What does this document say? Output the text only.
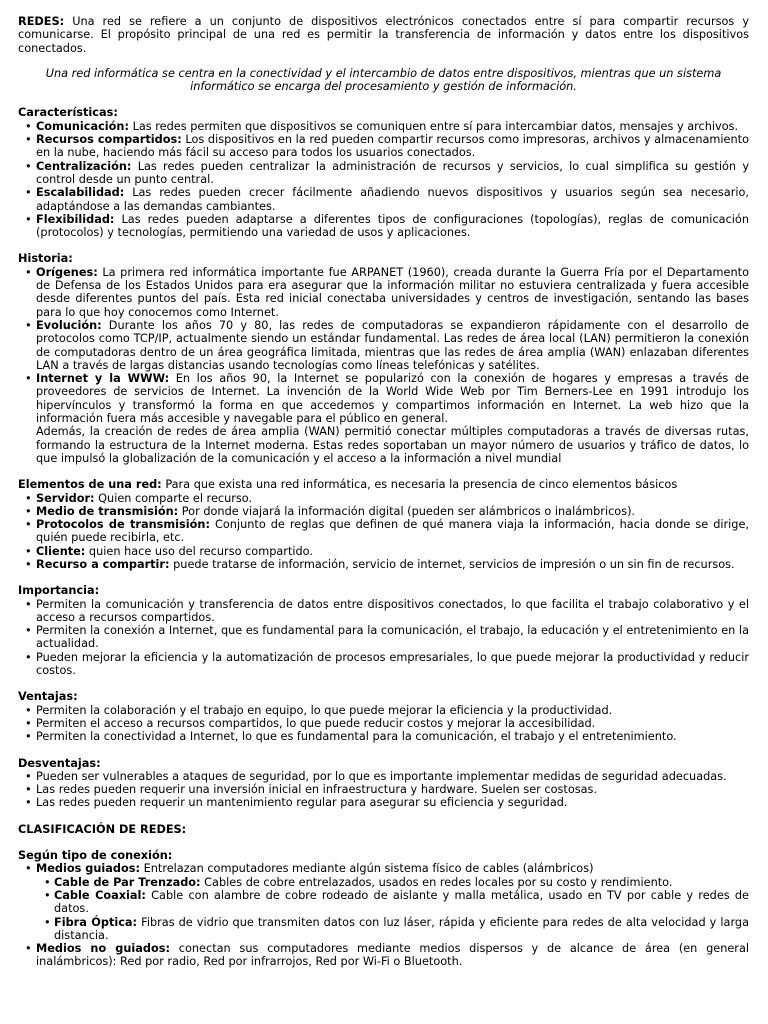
REDES: Una red se refiere a un conjunto de dispositivos electrónicos conectados entre sí para compartir recursos y comunicarse. El propósito principal de una red es permitir la transferencia de información y datos entre los dispositivos conectados.

Una red informática se centra en la conectividad y el intercambio de datos entre dispositivos, mientras que un sistema informático se encarga del procesamiento y gestión de información.

Características:
• Comunicación: Las redes permiten que dispositivos se comuniquen entre sí para intercambiar datos, mensajes y archivos.
• Recursos compartidos: Los dispositivos en la red pueden compartir recursos como impresoras, archivos y almacenamiento en la nube, haciendo más fácil su acceso para todos los usuarios conectados.
• Centralización: Las redes pueden centralizar la administración de recursos y servicios, lo cual simplifica su gestión y control desde un punto central.
• Escalabilidad: Las redes pueden crecer fácilmente añadiendo nuevos dispositivos y usuarios según sea necesario, adaptándose a las demandas cambiantes.
• Flexibilidad: Las redes pueden adaptarse a diferentes tipos de configuraciones (topologías), reglas de comunicación (protocolos) y tecnologías, permitiendo una variedad de usos y aplicaciones.
Historia:
• Orígenes: La primera red informática importante fue ARPANET (1960), creada durante la Guerra Fría por el Departamento de Defensa de los Estados Unidos para era asegurar que la información militar no estuviera centralizada y fuera accesible desde diferentes puntos del país. Esta red inicial conectaba universidades y centros de investigación, sentando las bases para lo que hoy conocemos como Internet.
• Evolución: Durante los años 70 y 80, las redes de computadoras se expandieron rápidamente con el desarrollo de protocolos como TCP/IP, actualmente siendo un estándar fundamental. Las redes de área local (LAN) permitieron la conexión de computadoras dentro de un área geográfica limitada, mientras que las redes de área amplia (WAN) enlazaban diferentes LAN a través de largas distancias usando tecnologías como líneas telefónicas y satélites.
• Internet y la WWW: En los años 90, la Internet se popularizó con la conexión de hogares y empresas a través de proveedores de servicios de Internet. La invención de la World Wide Web por Tim Berners-Lee en 1991 introdujo los hipervínculos y transformó la forma en que accedemos y compartimos información en Internet. La web hizo que la información fuera más accesible y navegable para el público en general.

Además, la creación de redes de área amplia (WAN) permitió conectar múltiples computadoras a través de diversas rutas, formando la estructura de la Internet moderna. Estas redes soportaban un mayor número de usuarios y tráfico de datos, lo que impulsó la globalización de la comunicación y el acceso a la información a nivel mundial

Elementos de una red: Para que exista una red informática, es necesaria la presencia de cinco elementos básicos
• Servidor: Quien comparte el recurso.
• Medio de transmisión: Por donde viajará la información digital (pueden ser alámbricos o inalámbricos).
• Protocolos de transmisión: Conjunto de reglas que definen de qué manera viaja la información, hacia donde se dirige, quién puede recibirla, etc.
• Cliente: quien hace uso del recurso compartido.
• Recurso a compartir: puede tratarse de información, servicio de internet, servicios de impresión o un sin fin de recursos.
Importancia:
• Permiten la comunicación y transferencia de datos entre dispositivos conectados, lo que facilita el trabajo colaborativo y el acceso a recursos compartidos.
• Permiten la conexión a Internet, que es fundamental para la comunicación, el trabajo, la educación y el entretenimiento en la actualidad.
• Pueden mejorar la eficiencia y la automatización de procesos empresariales, lo que puede mejorar la productividad y reducir costos.
Ventajas:
• Permiten la colaboración y el trabajo en equipo, lo que puede mejorar la eficiencia y la productividad.
• Permiten el acceso a recursos compartidos, lo que puede reducir costos y mejorar la accesibilidad.
• Permiten la conectividad a Internet, lo que es fundamental para la comunicación, el trabajo y el entretenimiento.
Desventajas:
• Pueden ser vulnerables a ataques de seguridad, por lo que es importante implementar medidas de seguridad adecuadas.
• Las redes pueden requerir una inversión inicial en infraestructura y hardware. Suelen ser costosas.
• Las redes pueden requerir un mantenimiento regular para asegurar su eficiencia y seguridad.
CLASIFICACIÓN DE REDES:
Según tipo de conexión:
• Medios guiados: Entrelazan computadores mediante algún sistema físico de cables (alámbricos)
• Cable de Par Trenzado: Cables de cobre entrelazados, usados en redes locales por su costo y rendimiento.
• Cable Coaxial: Cable con alambre de cobre rodeado de aislante y malla metálica, usado en TV por cable y redes de datos.
• Fibra Óptica: Fibras de vidrio que transmiten datos con luz láser, rápida y eficiente para redes de alta velocidad y larga distancia.
• Medios no guiados: conectan sus computadores mediante medios dispersos y de alcance de área (en general inalámbricos): Red por radio, Red por infrarrojos, Red por Wi-Fi o Bluetooth.
